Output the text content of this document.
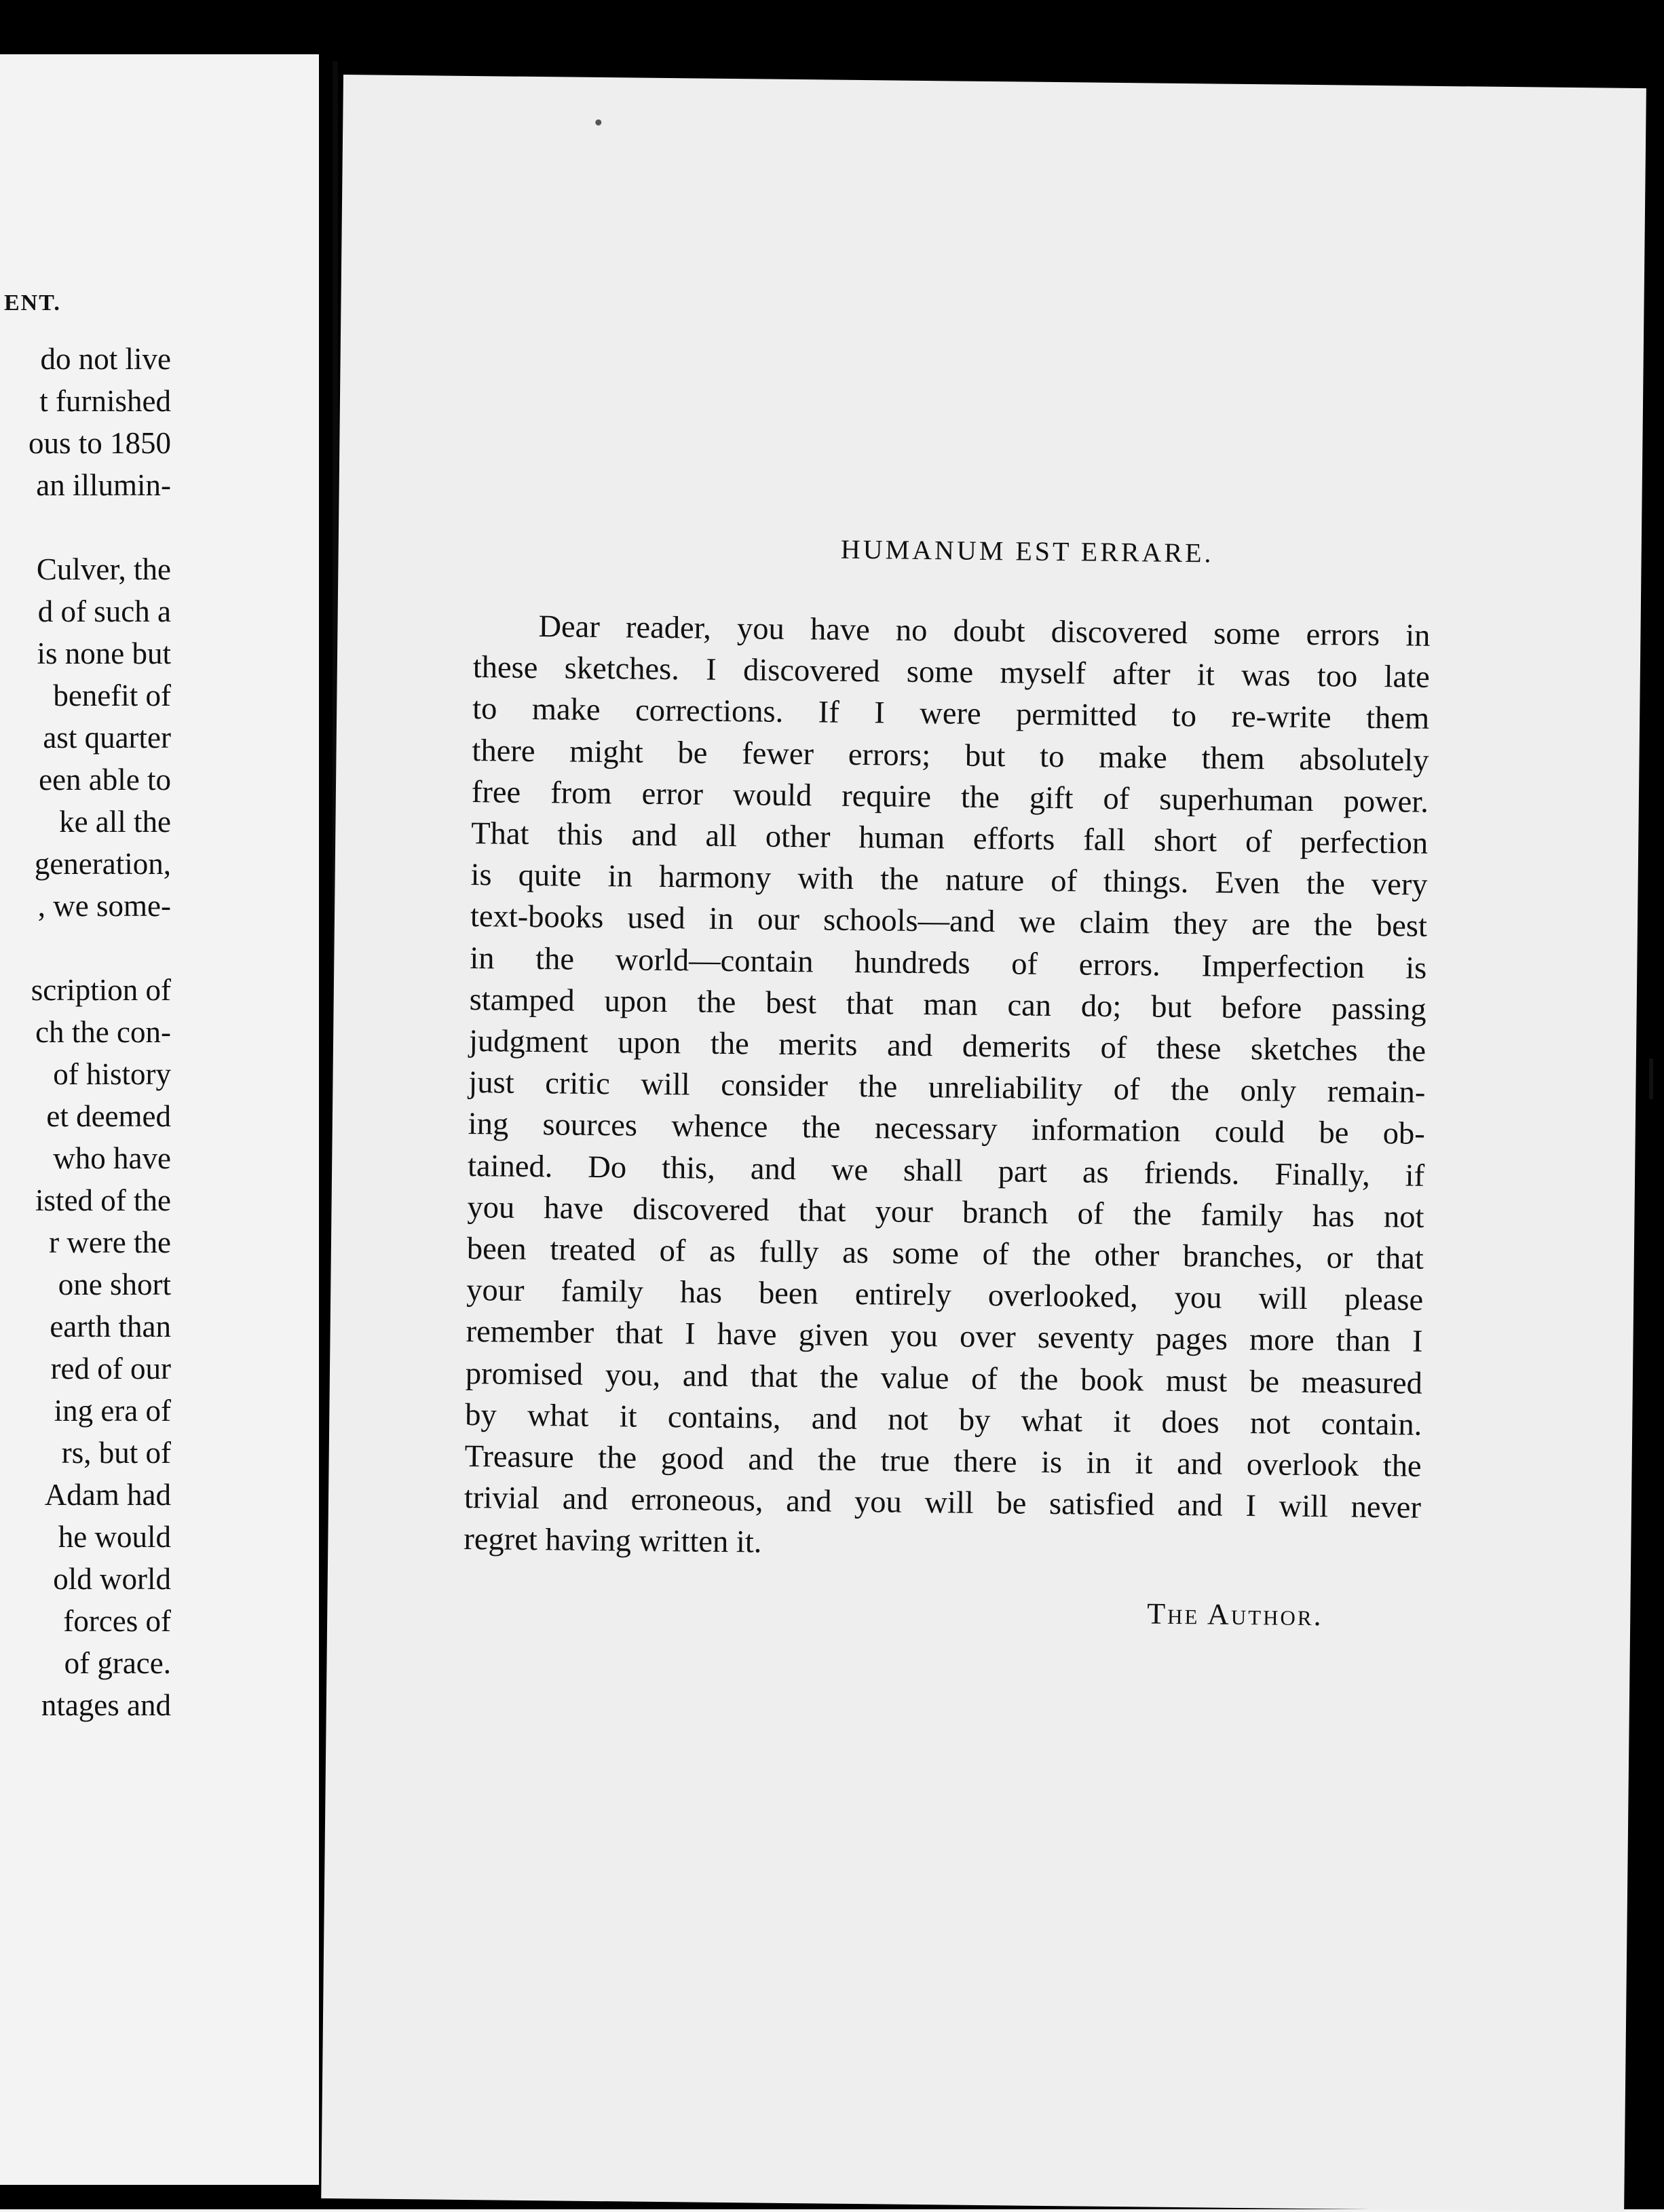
ENT.
do not live
t furnished
ous to 1850
an illumin-
Culver, the
d of such a
is none but
benefit of
ast quarter
een able to
ke all the
generation,
, we some-
scription of
ch the con-
of history
et deemed
who have
isted of the
r were the
one short
earth than
red of our
ing era of
rs, but of
Adam had
he would
old world
forces of
of grace.
ntages and
HUMANUM EST ERRARE.
Dear reader, you have no doubt discovered some errors in
these sketches. I discovered some myself after it was too late
to make corrections. If I were permitted to re-write them
there might be fewer errors; but to make them absolutely
free from error would require the gift of superhuman power.
That this and all other human efforts fall short of perfection
is quite in harmony with the nature of things. Even the very
text-books used in our schools—and we claim they are the best
in the world—contain hundreds of errors. Imperfection is
stamped upon the best that man can do; but before passing
judgment upon the merits and demerits of these sketches the
just critic will consider the unreliability of the only remain-
ing sources whence the necessary information could be ob-
tained. Do this, and we shall part as friends. Finally, if
you have discovered that your branch of the family has not
been treated of as fully as some of the other branches, or that
your family has been entirely overlooked, you will please
remember that I have given you over seventy pages more than I
promised you, and that the value of the book must be measured
by what it contains, and not by what it does not contain.
Treasure the good and the true there is in it and overlook the
trivial and erroneous, and you will be satisfied and I will never
regret having written it.
The Author.
